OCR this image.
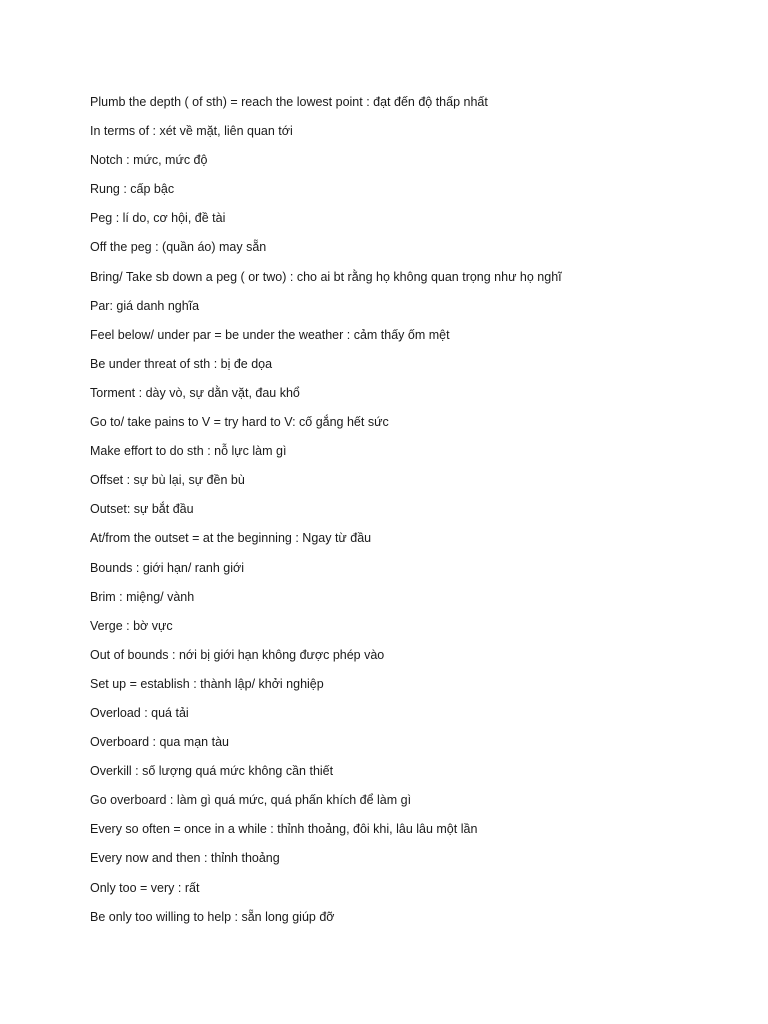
Plumb the depth ( of sth) = reach the lowest point : đạt đến độ thấp nhất
In terms of : xét về mặt, liên quan tới
Notch : mức, mức độ
Rung : cấp bậc
Peg : lí do, cơ hội, đề tài
Off the peg : (quần áo) may sẵn
Bring/ Take sb down a peg ( or two) : cho ai bt rằng họ không quan trọng như họ nghĩ
Par: giá danh nghĩa
Feel below/ under par = be under the weather : cảm thấy ốm mệt
Be under threat of sth : bị đe dọa
Torment : dày vò, sự dằn vặt, đau khổ
Go to/ take pains to V = try hard to V: cố gắng hết sức
Make effort to do sth : nỗ lực làm gì
Offset : sự bù lại, sự đền bù
Outset: sự bắt đầu
At/from the outset = at the beginning : Ngay từ đầu
Bounds : giới hạn/ ranh giới
Brim : miệng/ vành
Verge : bờ vực
Out of bounds : nới bị giới hạn không được phép vào
Set up = establish : thành lập/ khởi nghiệp
Overload : quá tải
Overboard : qua mạn tàu
Overkill : số lượng quá mức không cần thiết
Go overboard : làm gì quá mức, quá phấn khích để làm gì
Every so often = once in a while : thỉnh thoảng, đôi khi, lâu lâu một lần
Every now and then : thỉnh thoảng
Only too = very : rất
Be only too willing to help : sẵn long giúp đỡ
